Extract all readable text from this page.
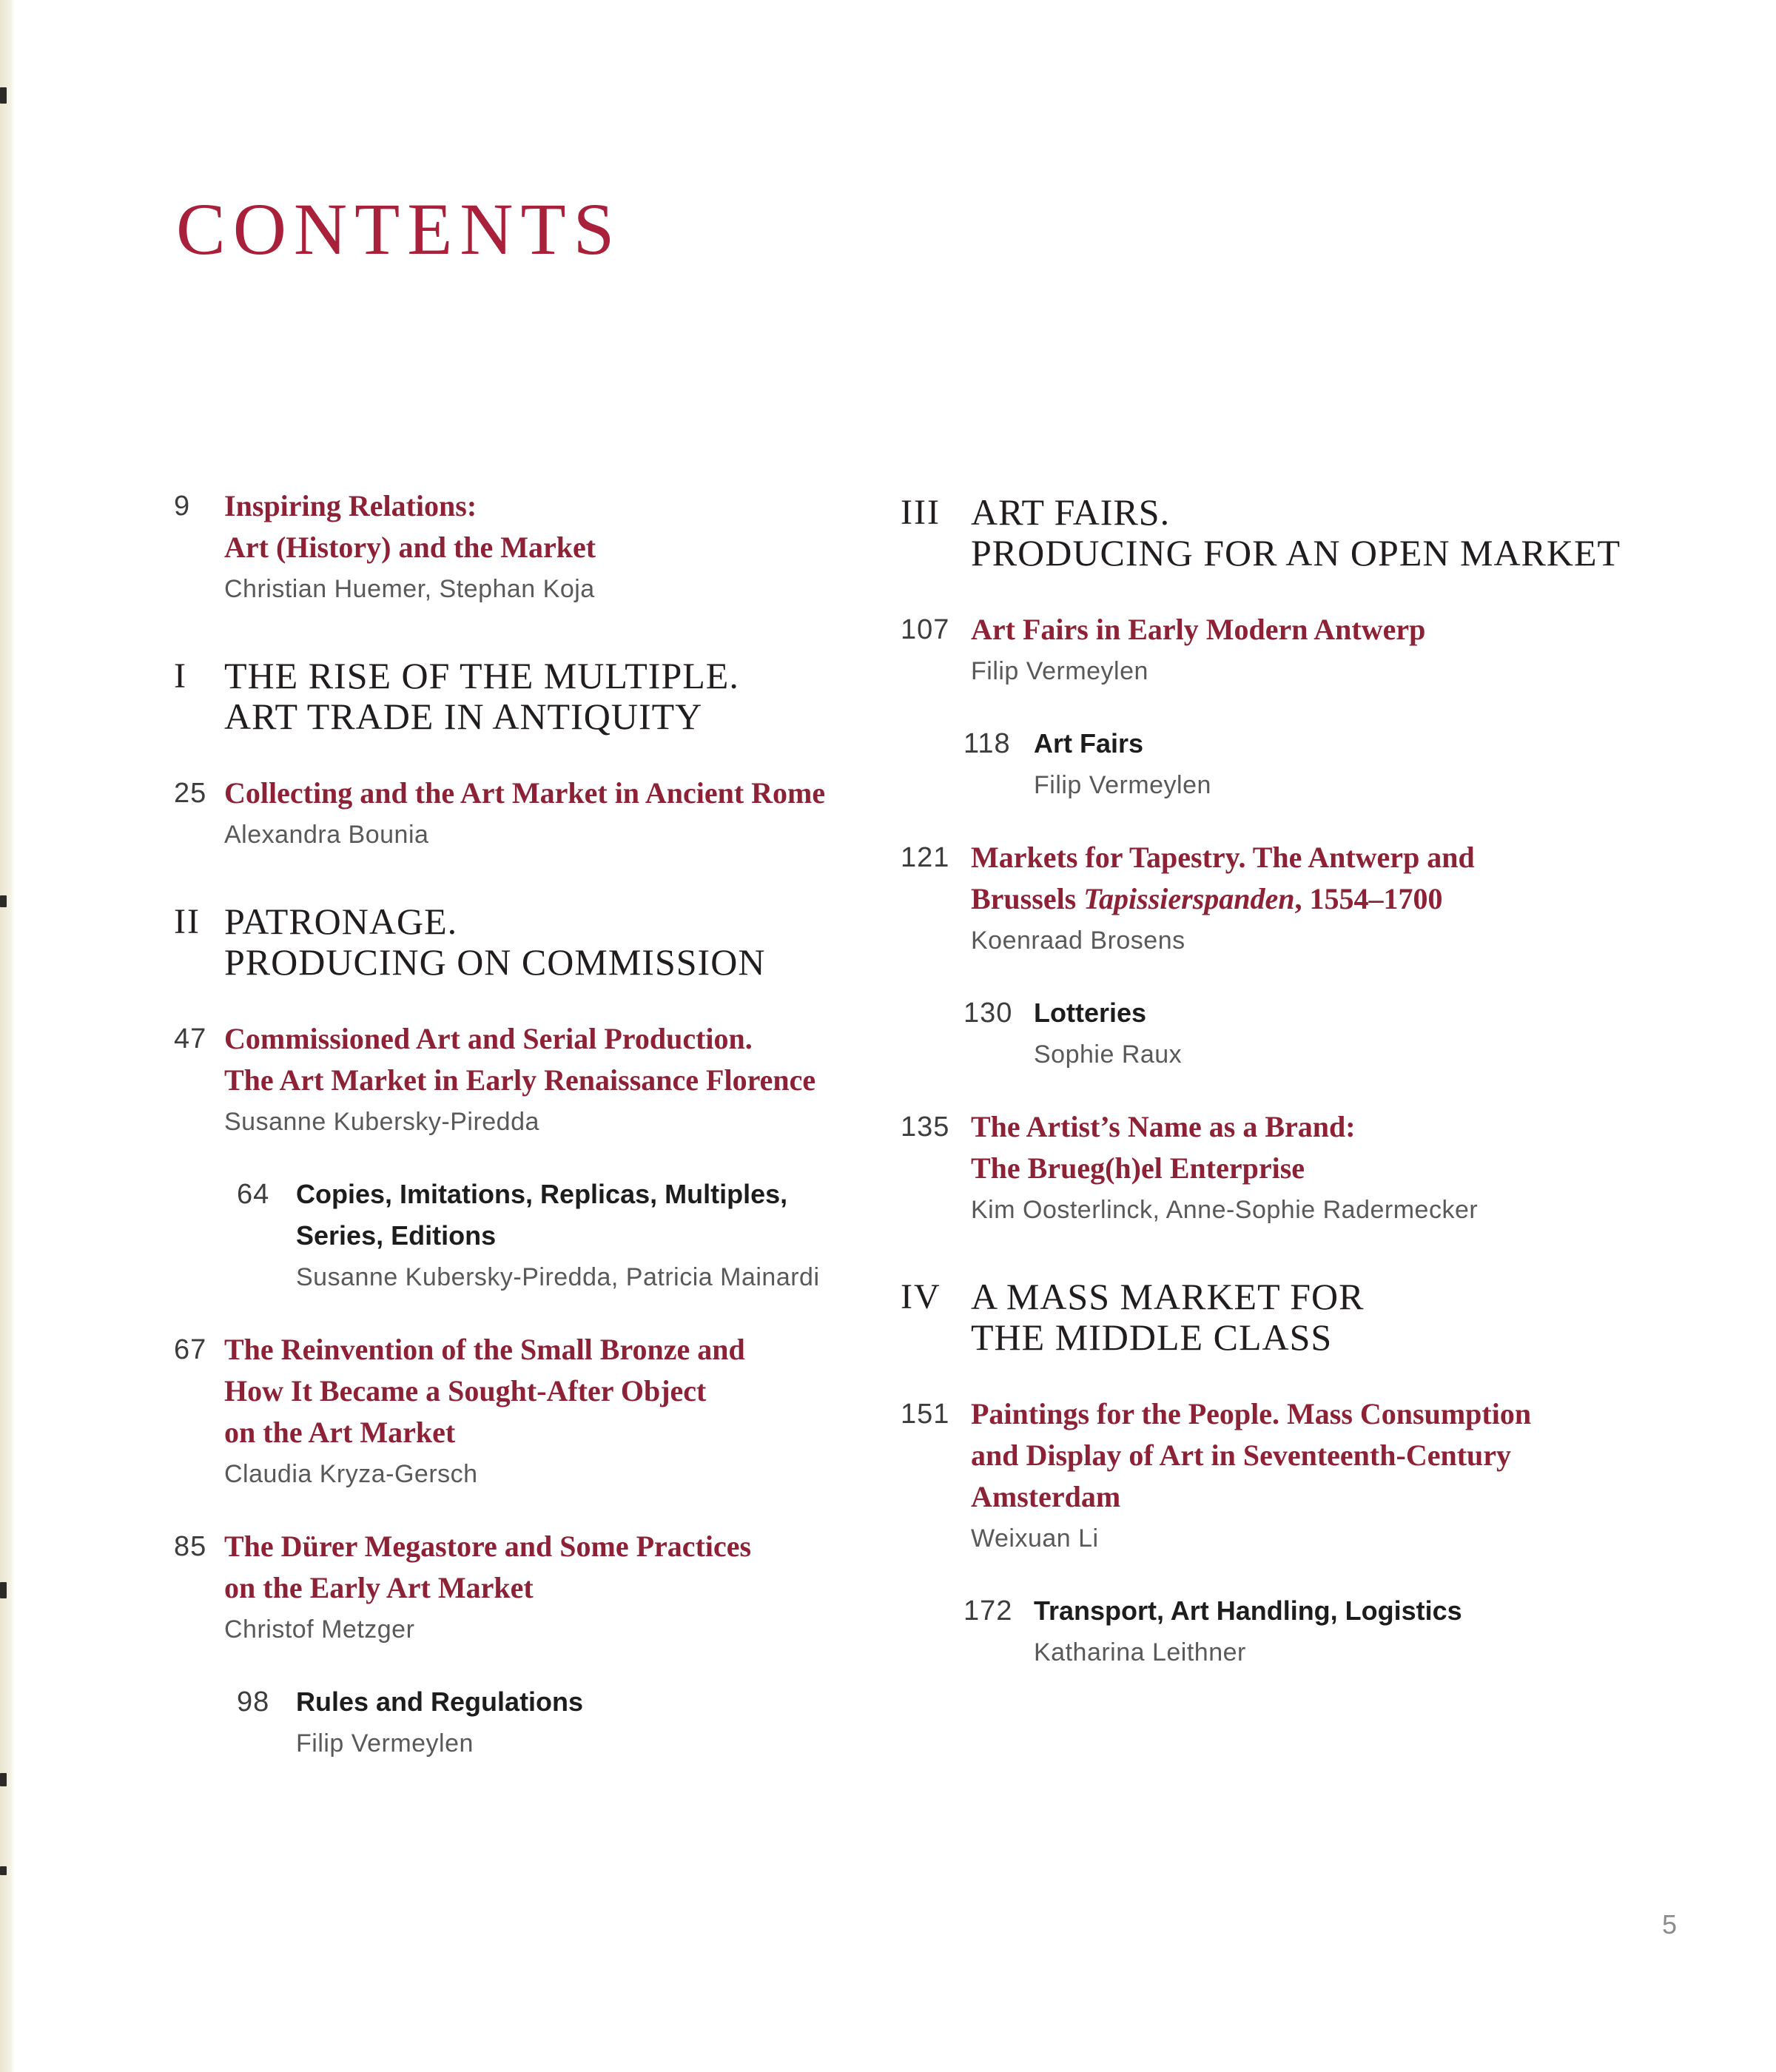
CONTENTS
9	Inspiring Relations:
Art (History) and the Market
Christian Huemer, Stephan Koja
I	THE RISE OF THE MULTIPLE.
ART TRADE IN ANTIQUITY
25 Collecting and the Art Market in Ancient Rome
Alexandra Bounia
II PATRONAGE.
PRODUCING ON COMMISSION
47 Commissioned Art and Serial Production.
The Art Market in Early Renaissance Florence
Susanne Kubersky-Piredda
64 Copies, Imitations, Replicas, Multiples,
Series, Editions
Susanne Kubersky-Piredda, Patricia Mainardi
67 The Reinvention of the Small Bronze and
How It Became a Sought-After Object
on the Art Market
Claudia Kryza-Gersch
85 The Dürer Megastore and Some Practices
on the Early Art Market
Christof Metzger
98 Rules and Regulations
Filip Vermeylen
III ART FAIRS.
PRODUCING FOR AN OPEN MARKET
107 Art Fairs in Early Modern Antwerp
Filip Vermeylen
118 Art Fairs
Filip Vermeylen
121 Markets for Tapestry. The Antwerp and
Brussels Tapissierspanden, 1554–1700
Koenraad Brosens
130 Lotteries
Sophie Raux
135 The Artist’s Name as a Brand:
The Brueg(h)el Enterprise
Kim Oosterlinck, Anne-Sophie Radermecker
IV A MASS MARKET FOR
THE MIDDLE CLASS
151 Paintings for the People. Mass Consumption
and Display of Art in Seventeenth-Century
Amsterdam
Weixuan Li
172 Transport, Art Handling, Logistics
Katharina Leithner
5
